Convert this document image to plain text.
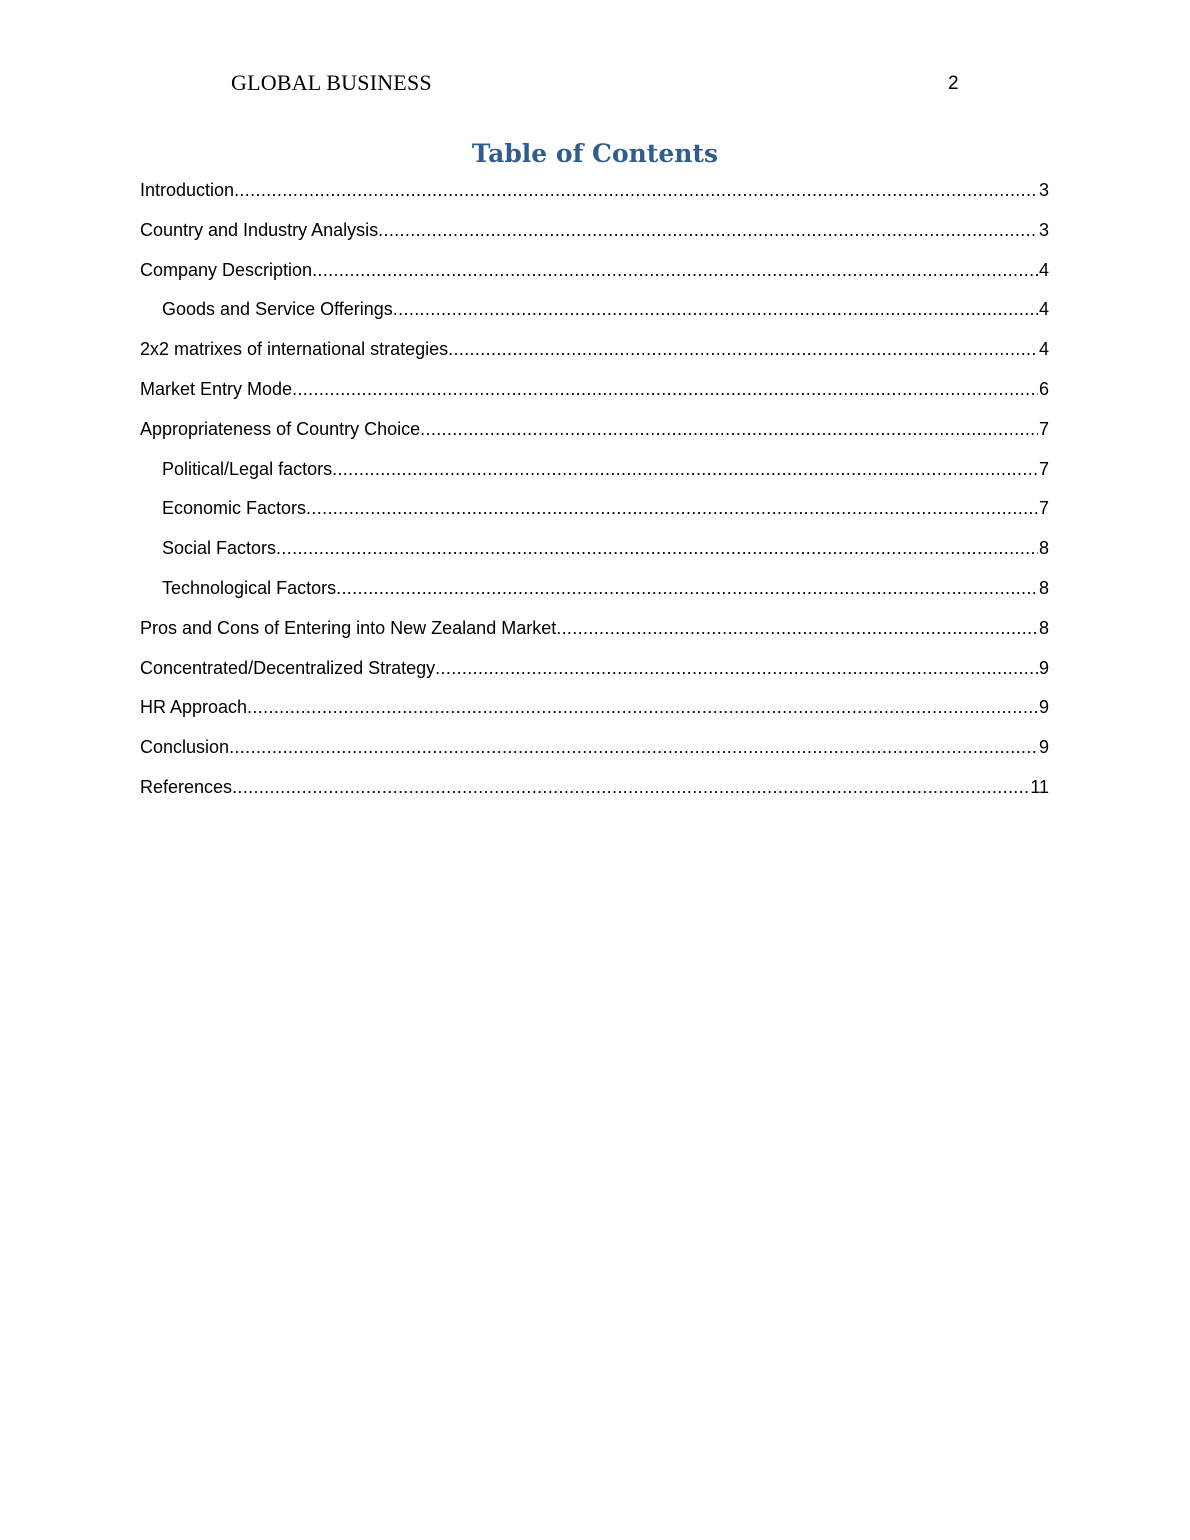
GLOBAL BUSINESS	2
Table of Contents
Introduction .....	3
Country and Industry Analysis .....	3
Company Description .....	4
Goods and Service Offerings .....	4
2x2 matrixes of international strategies .....	4
Market Entry Mode .....	6
Appropriateness of Country Choice .....	7
Political/Legal factors .....	7
Economic Factors .....	7
Social Factors .....	8
Technological Factors .....	8
Pros and Cons of Entering into New Zealand Market .....	8
Concentrated/Decentralized Strategy .....	9
HR Approach .....	9
Conclusion .....	9
References .....	11
